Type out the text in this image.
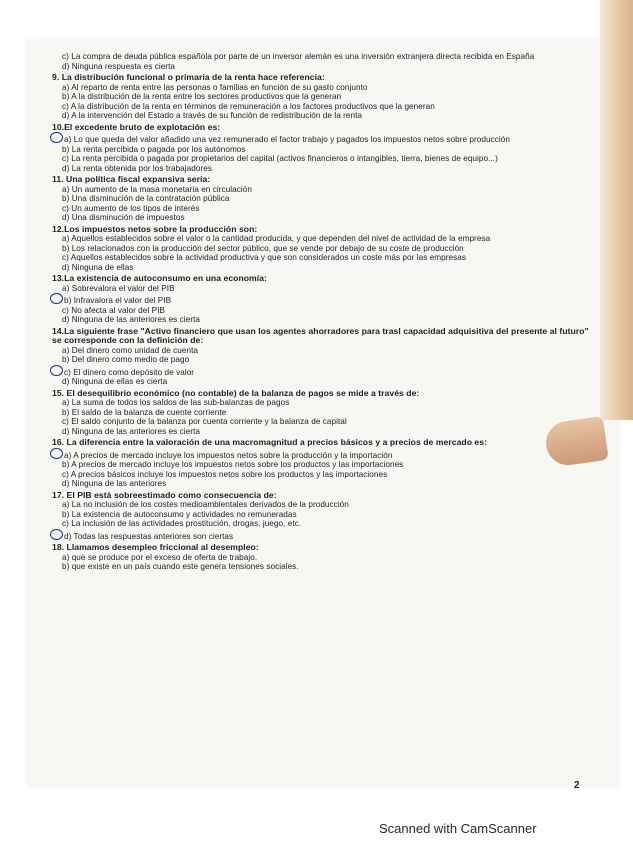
c) La compra de deuda pública española por parte de un inversor alemán es una inversión extranjera directa recibida en España

d) Ninguna respuesta es cierta

9. La distribución funcional o primaria de la renta hace referencia:

a) Al reparto de renta entre las personas o familias en función de su gasto conjunto

b) A la distribución de la renta entre los sectores productivos que la generan

c) A la distribución de la renta en términos de remuneración a los factores productivos que la generan

d) A la intervención del Estado a través de su función de redistribución de la renta

10.El excedente bruto de explotación es:

a) Lo que queda del valor añadido una vez remunerado el factor trabajo y pagados los impuestos netos sobre producción

b) La renta percibida o pagada por los autónomos

c) La renta percibida o pagada por propietarios del capital (activos financieros o intangibles, tierra, bienes de equipo...)

d) La renta obtenida por los trabajadores

11. Una política fiscal expansiva sería:

a) Un aumento de la masa monetaria en circulación

b) Una disminución de la contratación pública

c) Un aumento de los tipos de interés

d) Una disminución de impuestos

12.Los impuestos netos sobre la producción son:

a) Aquellos establecidos sobre el valor o la cantidad producida, y que dependen del nivel de actividad de la empresa

b) Los relacionados con la producción del sector público, que se vende por debajo de su coste de producción

c) Aquellos establecidos sobre la actividad productiva y que son considerados un coste más por las empresas

d) Ninguna de ellas

13.La existencia de autoconsumo en una economía:

a) Sobrevalora el valor del PIB

b) Infravalora el valor del PIB

c) No afecta al valor del PIB

d) Ninguna de las anteriores es cierta

14.La siguiente frase "Activo financiero que usan los agentes ahorradores para trasl capacidad adquisitiva del presente al futuro" se corresponde con la definición de:

a) Del dinero como unidad de cuenta

b) Del dinero como medio de pago

c) El dinero como depósito de valor

d) Ninguna de ellas es cierta

15. El desequilibrio económico (no contable) de la balanza de pagos se mide a través de:

a) La suma de todos los saldos de las sub-balanzas de pagos

b) El saldo de la balanza de cuente corriente

c) El saldo conjunto de la balanza por cuenta corriente y la balanza de capital

d) Ninguna de las anteriores es cierta

16. La diferencia entre la valoración de una macromagnitud a precios básicos y a precios de mercado es:

a) A precios de mercado incluye los impuestos netos sobre la producción y la importación

b) A precios de mercado incluye los impuestos netos sobre los productos y las importaciones

c) A precios básicos incluye los impuestos netos sobre los productos y las importaciones

d) Ninguna de las anteriores

17. El PIB está sobreestimado como consecuencia de:

a) La no inclusión de los costes medioambientales derivados de la producción

b) La existencia de autoconsumo y actividades no remuneradas

c) La inclusión de las actividades prostitución, drogas, juego, etc.

d) Todas las respuestas anteriores son ciertas

18. Llamamos desempleo friccional al desempleo:

a) que se produce por el exceso de oferta de trabajo.

b) que existe en un país cuando este genera tensiones sociales.

2
Scanned with CamScanner
